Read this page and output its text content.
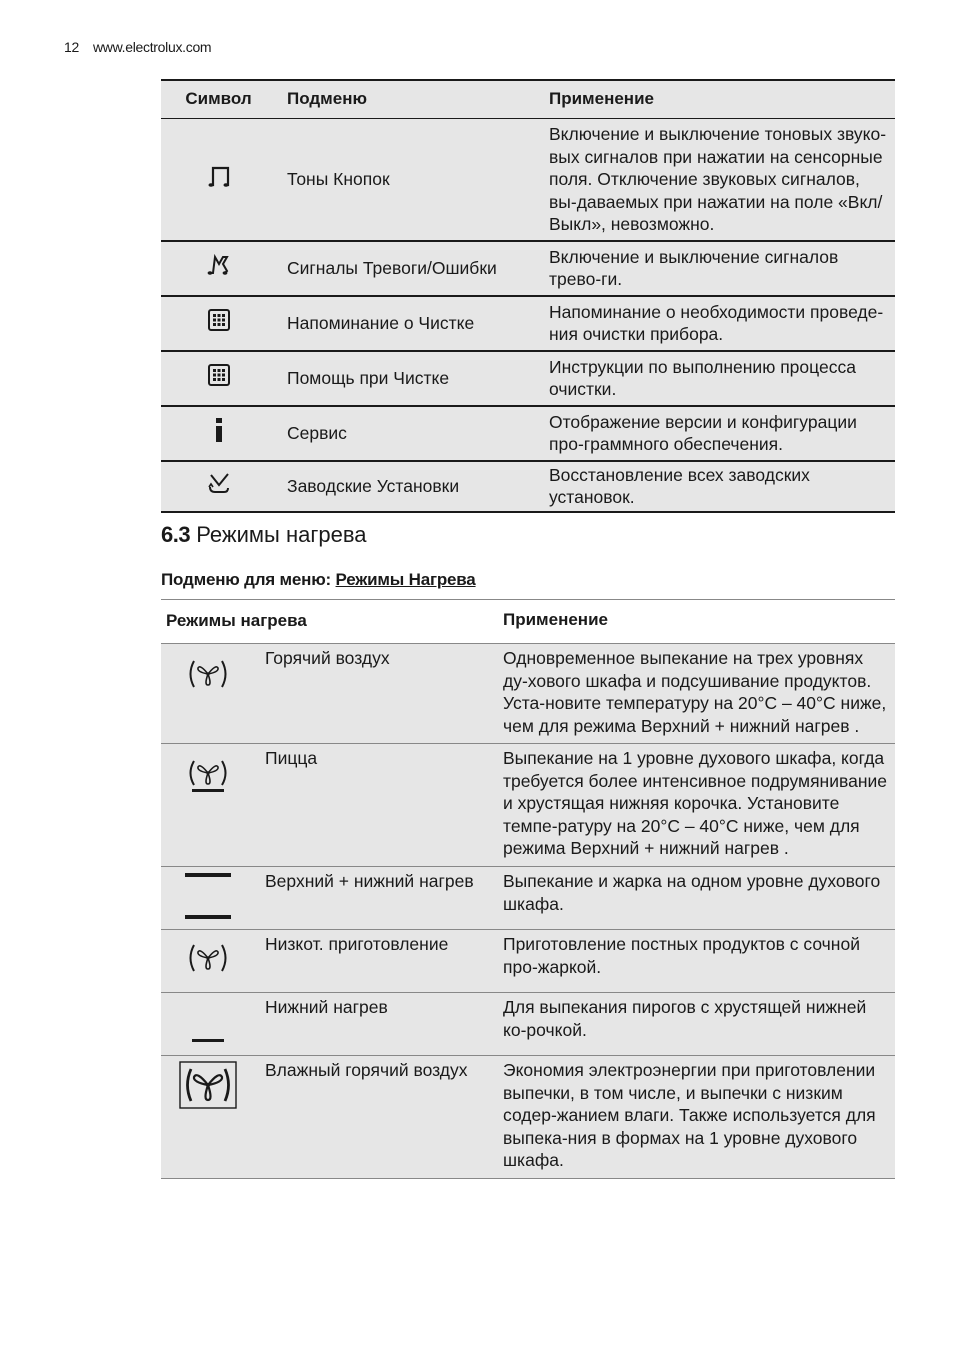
12 www.electrolux.com
Символ	Подменю	Применение
	Тоны Кнопок	Включение и выключение тоновых звуко-вых сигналов при нажатии на сенсорные поля. Отключение звуковых сигналов, вы-даваемых при нажатии на поле «Вкл/Выкл», невозможно.
	Сигналы Тревоги/Ошибки	Включение и выключение сигналов трево-ги.
	Напоминание о Чистке	Напоминание о необходимости проведе-ния очистки прибора.
	Помощь при Чистке	Инструкции по выполнению процесса очистки.
	Сервис	Отображение версии и конфигурации про-граммного обеспечения.
	Заводские Установки	Восстановление всех заводских установок.
6.3 Режимы нагрева
Подменю для меню: Режимы Нагрева
Режимы нагрева		Применение
	Горячий воздух	Одновременное выпекание на трех уровнях ду-хового шкафа и подсушивание продуктов. Уста-новите температуру на 20°C – 40°C ниже, чем для режима Верхний + нижний нагрев .
	Пицца	Выпекание на 1 уровне духового шкафа, когда требуется более интенсивное подрумянивание и хрустящая нижняя корочка. Установите темпе-ратуру на 20°C – 40°C ниже, чем для режима Верхний + нижний нагрев .
	Верхний + нижний нагрев	Выпекание и жарка на одном уровне духового шкафа.
	Низкот. приготовление	Приготовление постных продуктов с сочной про-жаркой.
	Нижний нагрев	Для выпекания пирогов с хрустящей нижней ко-рочкой.
	Влажный горячий воздух	Экономия электроэнергии при приготовлении выпечки, в том числе, и выпечки с низким содер-жанием влаги. Также используется для выпека-ния в формах на 1 уровне духового шкафа.
